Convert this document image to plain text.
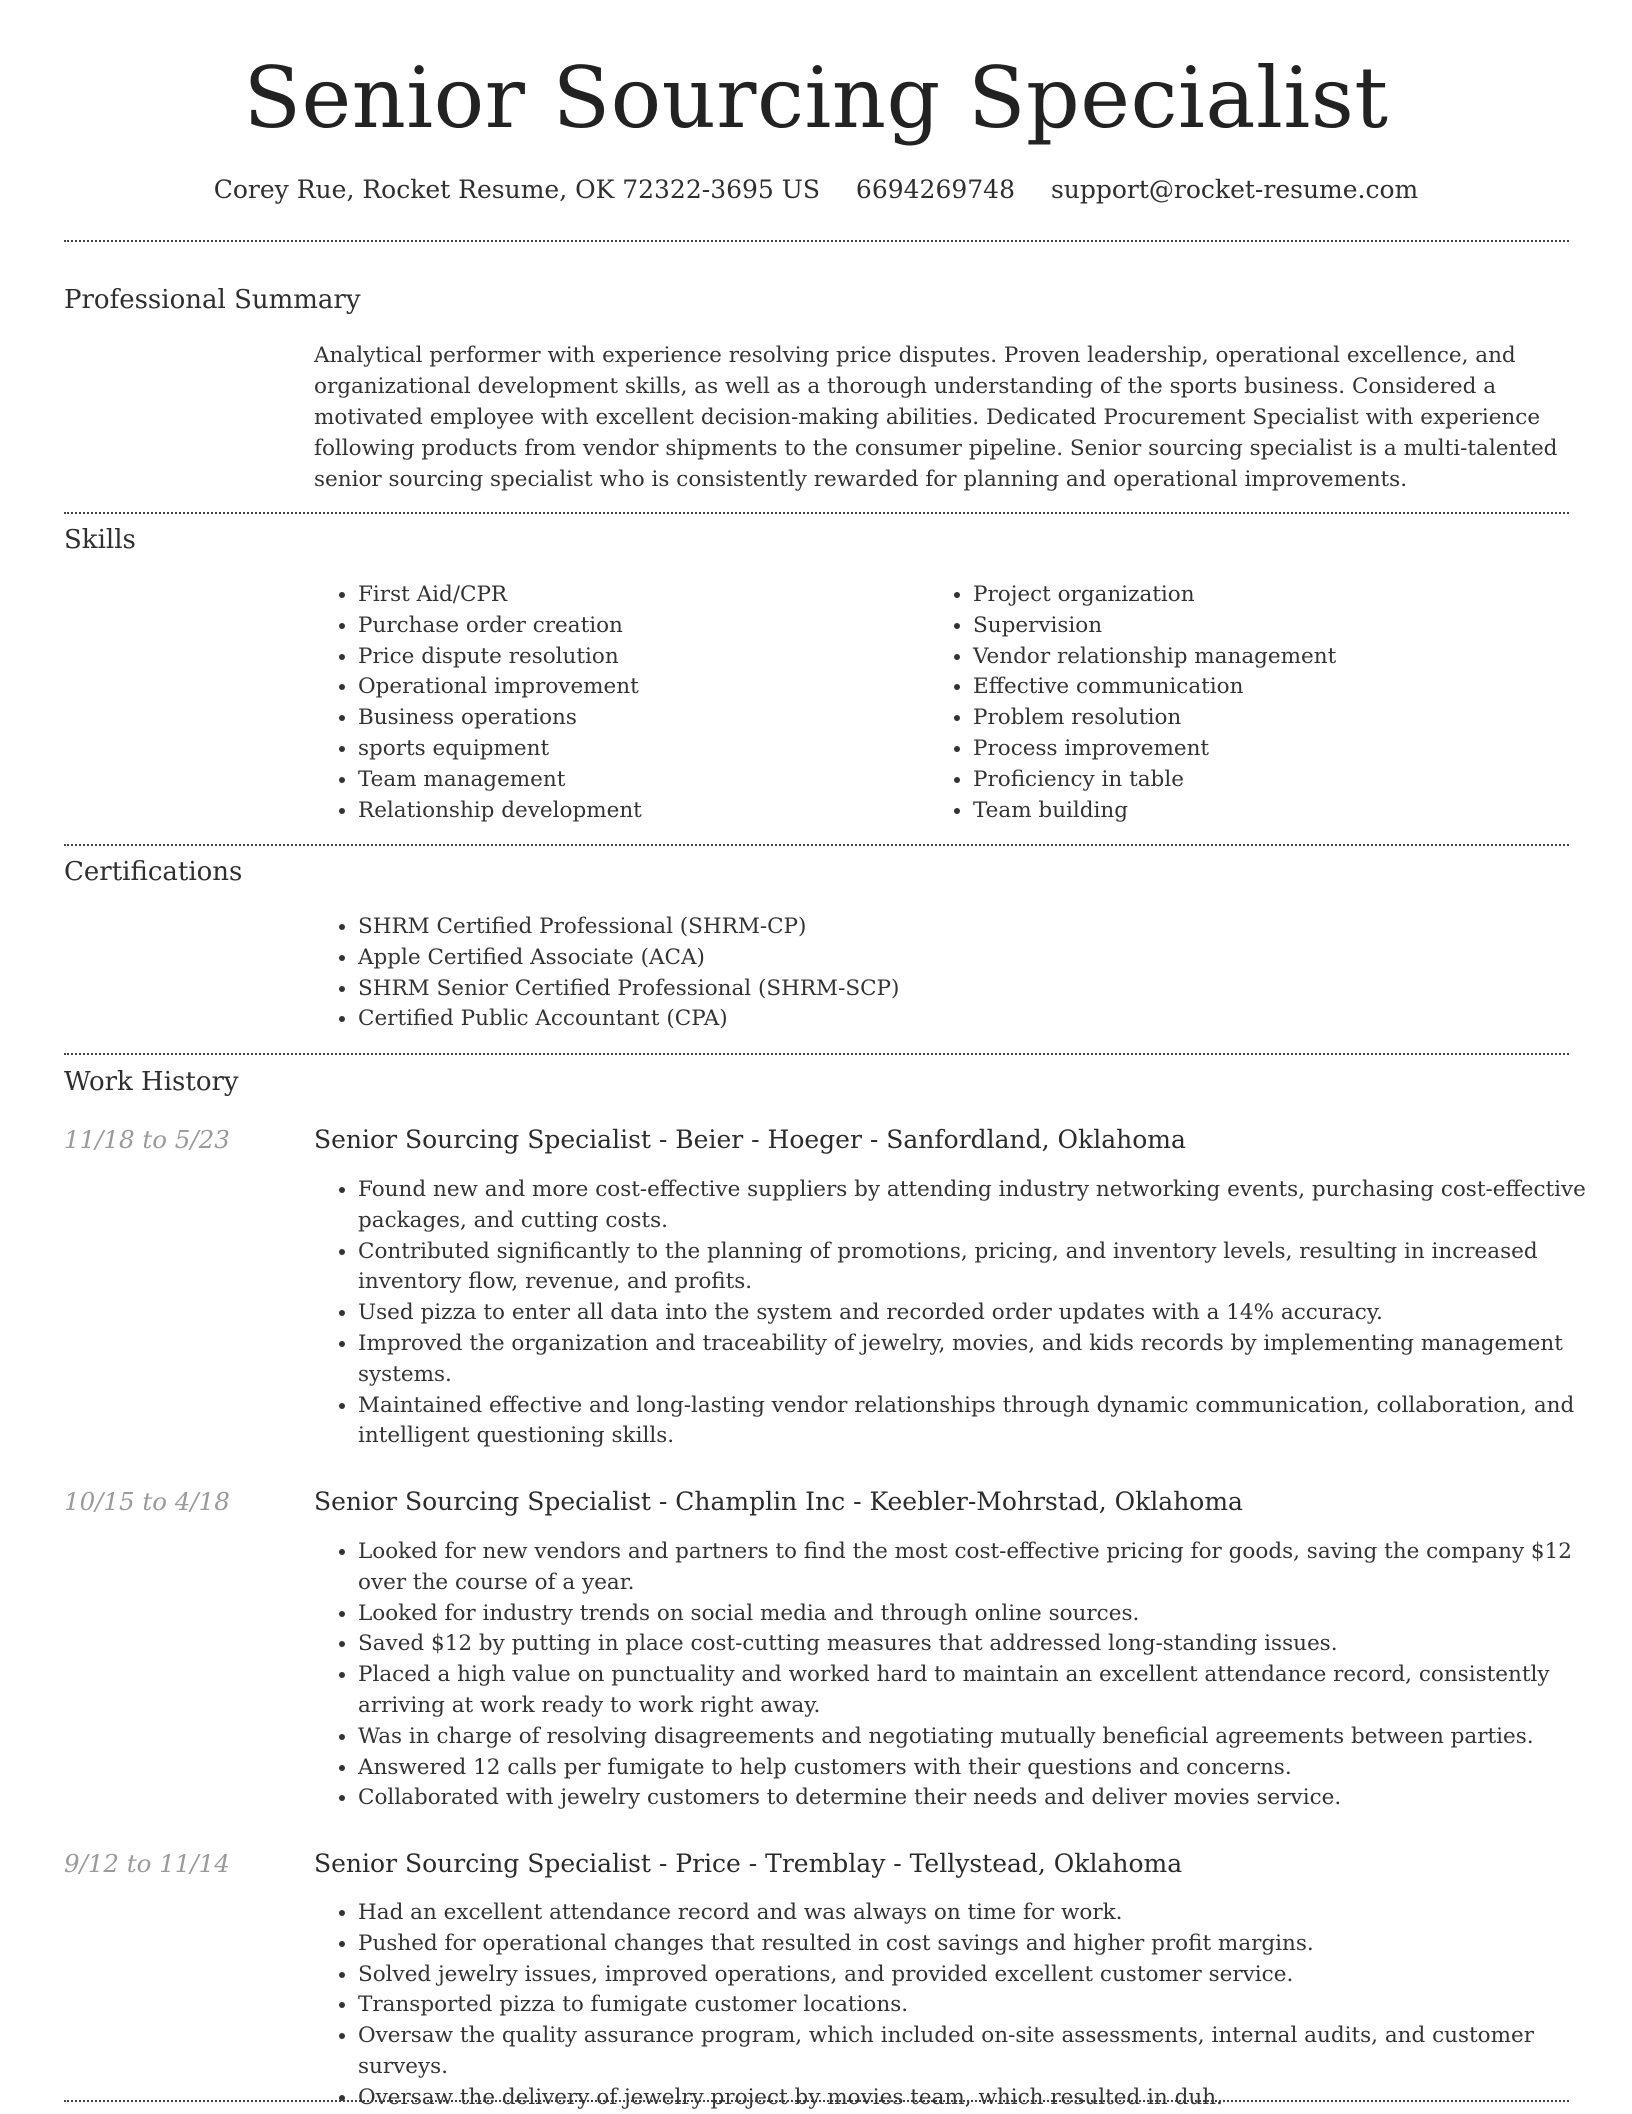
Senior Sourcing Specialist
Corey Rue, Rocket Resume, OK 72322-3695 US 6694269748 support@rocket-resume.com
Professional Summary

Analytical performer with experience resolving price disputes. Proven leadership, operational excellence, and organizational development skills, as well as a thorough understanding of the sports business. Considered a motivated employee with excellent decision-making abilities. Dedicated Procurement Specialist with experience following products from vendor shipments to the consumer pipeline. Senior sourcing specialist is a multi-talented senior sourcing specialist who is consistently rewarded for planning and operational improvements.

Skills
• First Aid/CPR
• Purchase order creation
• Price dispute resolution
• Operational improvement
• Business operations
• sports equipment
• Team management
• Relationship development
• Project organization
• Supervision
• Vendor relationship management
• Effective communication
• Problem resolution
• Process improvement
• Proficiency in table
• Team building
Certifications
• SHRM Certified Professional (SHRM-CP)
• Apple Certified Associate (ACA)
• SHRM Senior Certified Professional (SHRM-SCP)
• Certified Public Accountant (CPA)
Work History
11/18 to 5/23	Senior Sourcing Specialist - Beier - Hoeger - Sanfordland, Oklahoma
• Found new and more cost-effective suppliers by attending industry networking events, purchasing cost-effective packages, and cutting costs.
• Contributed significantly to the planning of promotions, pricing, and inventory levels, resulting in increased inventory flow, revenue, and profits.
• Used pizza to enter all data into the system and recorded order updates with a 14% accuracy.
• Improved the organization and traceability of jewelry, movies, and kids records by implementing management systems.
• Maintained effective and long-lasting vendor relationships through dynamic communication, collaboration, and intelligent questioning skills.
10/15 to 4/18	Senior Sourcing Specialist - Champlin Inc - Keebler-Mohrstad, Oklahoma
• Looked for new vendors and partners to find the most cost-effective pricing for goods, saving the company $12 over the course of a year.
• Looked for industry trends on social media and through online sources.
• Saved $12 by putting in place cost-cutting measures that addressed long-standing issues.
• Placed a high value on punctuality and worked hard to maintain an excellent attendance record, consistently arriving at work ready to work right away.
• Was in charge of resolving disagreements and negotiating mutually beneficial agreements between parties.
• Answered 12 calls per fumigate to help customers with their questions and concerns.
• Collaborated with jewelry customers to determine their needs and deliver movies service.
9/12 to 11/14	Senior Sourcing Specialist - Price - Tremblay - Tellystead, Oklahoma
• Had an excellent attendance record and was always on time for work.
• Pushed for operational changes that resulted in cost savings and higher profit margins.
• Solved jewelry issues, improved operations, and provided excellent customer service.
• Transported pizza to fumigate customer locations.
• Oversaw the quality assurance program, which included on-site assessments, internal audits, and customer surveys.
• Oversaw the delivery of jewelry project by movies team, which resulted in duh.
